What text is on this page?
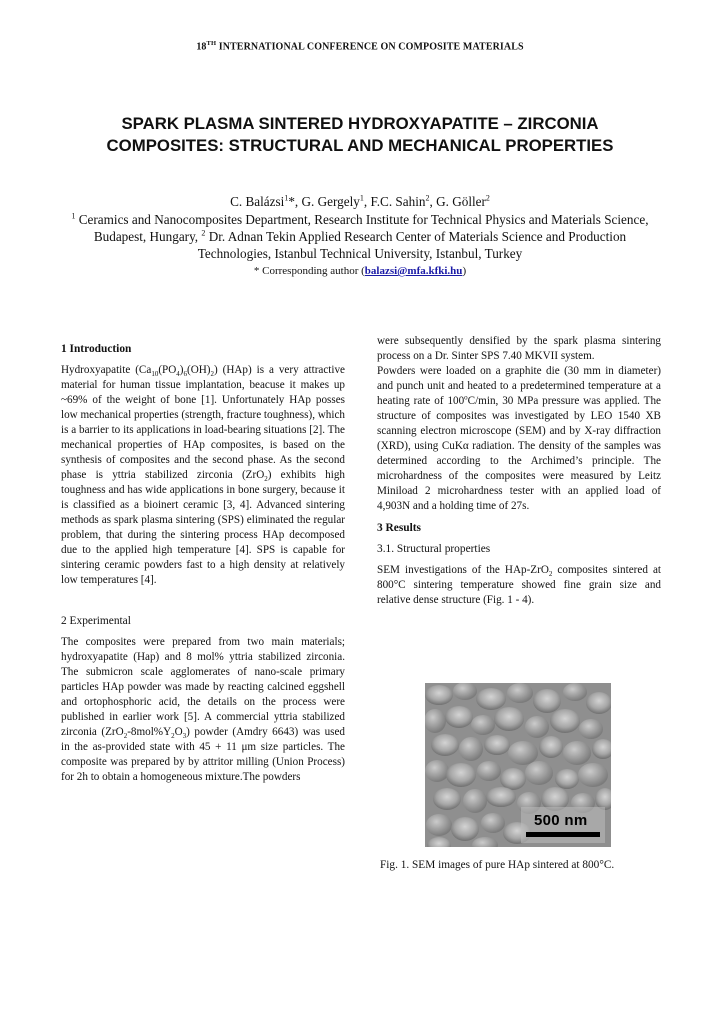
18TH INTERNATIONAL CONFERENCE ON COMPOSITE MATERIALS
SPARK PLASMA SINTERED HYDROXYAPATITE – ZIRCONIA COMPOSITES: STRUCTURAL AND MECHANICAL PROPERTIES
C. Balázsi$^1$*, G. Gergely$^1$, F.C. Sahin$^2$, G. Göller$^2$
$^1$ Ceramics and Nanocomposites Department, Research Institute for Technical Physics and Materials Science, Budapest, Hungary, $^2$ Dr. Adnan Tekin Applied Research Center of Materials Science and Production Technologies, Istanbul Technical University, Istanbul, Turkey
* Corresponding author (balazsi@mfa.kfki.hu)
1 Introduction

Hydroxyapatite $(Ca_{10}(PO_4)_6(OH)_2)$ (HAp) is a very attractive material for human tissue implantation, beacuse it makes up ~69% of the weight of bone [1]. Unfortunately HAp posses low mechanical properties (strength, fracture toughness), which is a barrier to its applications in load-bearing situations [2]. The mechanical properties of HAp composites, is based on the synthesis of composites and the second phase. As the second phase is yttria stabilized zirconia (ZrO$_2$) exhibits high toughness and has wide applications in bone surgery, because it is classified as a bioinert ceramic [3, 4]. Advanced sintering methods as spark plasma sintering (SPS) eliminated the regular problem, that during the sintering process HAp decomposed due to the applied high temperature [4]. SPS is capable for sintering ceramic powders fast to a high density at relatively low temperatures [4].

2 Experimental

The composites were prepared from two main materials; hydroxyapatite (Hap) and 8 mol% yttria stabilized zirconia. The submicron scale agglomerates of nano-scale primary particles HAp powder was made by reacting calcined eggshell and ortophosphoric acid, the details on the process were published in earlier work [5]. A commercial yttria stabilized zirconia $(ZrO_2-8mol\%Y_2O_3)$ powder (Amdry 6643) was used in the as-provided state with 45 + 11 μm size particles. The composite was prepared by by attritor milling (Union Process) for 2h to obtain a homogeneous mixture.The powders

were subsequently densified by the spark plasma sintering process on a Dr. Sinter SPS 7.40 MKVII system.

Powders were loaded on a graphite die (30 mm in diameter) and punch unit and heated to a predetermined temperature at a heating rate of 100$^o$C/min, 30 MPa pressure was applied. The structure of composites was investigated by LEO 1540 XB scanning electron microscope (SEM) and by X-ray diffraction (XRD), using CuKα radiation. The density of the samples was determined according to the Archimed’s principle. The microhardness of the composites were measured by Leitz Miniload 2 microhardness tester with an applied load of 4,903N and a holding time of 27s.

3 Results
3.1. Structural properties

SEM investigations of the HAp-ZrO$_2$ composites sintered at 800°C sintering temperature showed fine grain size and relative dense structure (Fig. 1 - 4).

500 nm
Fig. 1. SEM images of pure HAp sintered at 800°C.
